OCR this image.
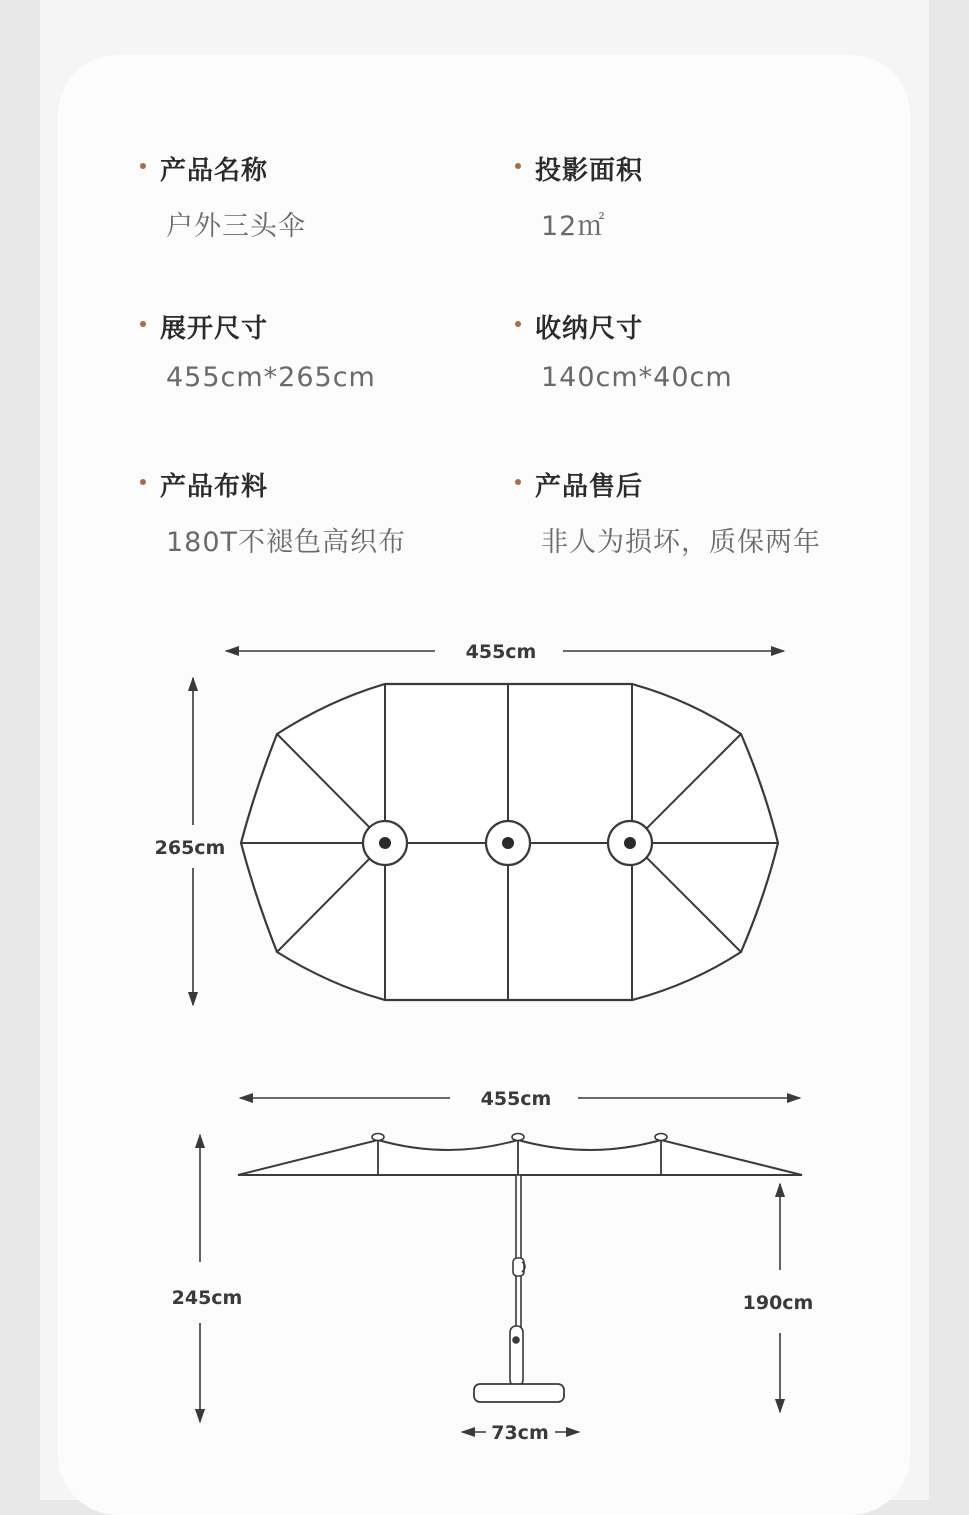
产品名称
户外三头伞
投影面积
12㎡
展开尺寸
455cm*265cm
收纳尺寸
140cm*40cm
产品布料
180T不褪色高织布
产品售后
非人为损坏，质保两年
455cm
265cm
455cm
245cm	190cm
73cm
